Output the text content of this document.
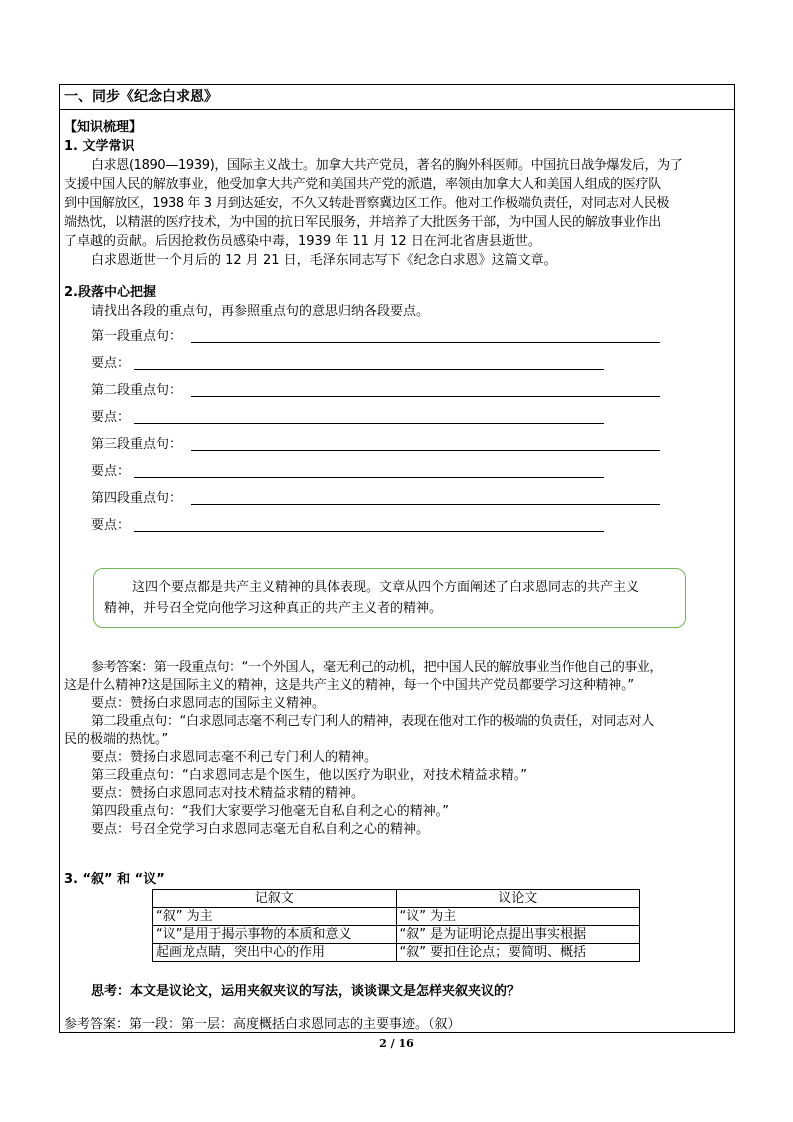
一、同步《纪念白求恩》
【知识梳理】
1. 文学常识
白求恩(1890—1939)，国际主义战士。加拿大共产党员，著名的胸外科医师。中国抗日战争爆发后，为了
支援中国人民的解放事业，他受加拿大共产党和美国共产党的派遣，率领由加拿大人和美国人组成的医疗队
到中国解放区，1938 年 3 月到达延安，不久又转赴晋察冀边区工作。他对工作极端负责任，对同志对人民极
端热忱，以精湛的医疗技术，为中国的抗日军民服务，并培养了大批医务干部，为中国人民的解放事业作出
了卓越的贡献。后因抢救伤员感染中毒，1939 年 11 月 12 日在河北省唐县逝世。
白求恩逝世一个月后的 12 月 21 日，毛泽东同志写下《纪念白求恩》这篇文章。
2.段落中心把握
请找出各段的重点句，再参照重点句的意思归纳各段要点。
第一段重点句：
要点：
第二段重点句：
要点：
第三段重点句：
要点：
第四段重点句：
要点：
这四个要点都是共产主义精神的具体表现。文章从四个方面阐述了白求恩同志的共产主义
精神，并号召全党向他学习这种真正的共产主义者的精神。
参考答案：第一段重点句：“一个外国人，毫无利己的动机，把中国人民的解放事业当作他自己的事业，
这是什么精神?这是国际主义的精神，这是共产主义的精神，每一个中国共产党员都要学习这种精神。”
要点：赞扬白求恩同志的国际主义精神。
第二段重点句：“白求恩同志毫不利己专门利人的精神，表现在他对工作的极端的负责任，对同志对人
民的极端的热忱。”
要点：赞扬白求恩同志毫不利己专门利人的精神。
第三段重点句：“白求恩同志是个医生，他以医疗为职业，对技术精益求精。”
要点：赞扬白求恩同志对技术精益求精的精神。
第四段重点句：“我们大家要学习他毫无自私自利之心的精神。”
要点：号召全党学习白求恩同志毫无自私自利之心的精神。
3. “叙” 和 “议”
记叙文	议论文
“叙” 为主	“议” 为主
“议”是用于揭示事物的本质和意义	“叙” 是为证明论点提出事实根据
起画龙点睛，突出中心的作用	“叙” 要扣住论点；要简明、概括
思考：本文是议论文，运用夹叙夹议的写法，谈谈课文是怎样夹叙夹议的？
参考答案：第一段：第一层：高度概括白求恩同志的主要事迹。（叙）
2 / 16
